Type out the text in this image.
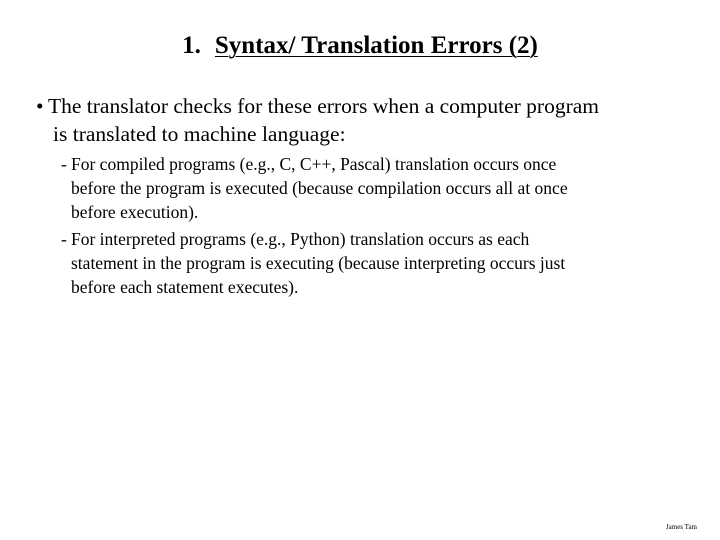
1. Syntax/ Translation Errors (2)
• The translator checks for these errors when a computer program
is translated to machine language:
- For compiled programs (e.g., C, C++, Pascal) translation occurs once
before the program is executed (because compilation occurs all at once
before execution).
- For interpreted programs (e.g., Python) translation occurs as each
statement in the program is executing (because interpreting occurs just
before each statement executes).
James Tam
